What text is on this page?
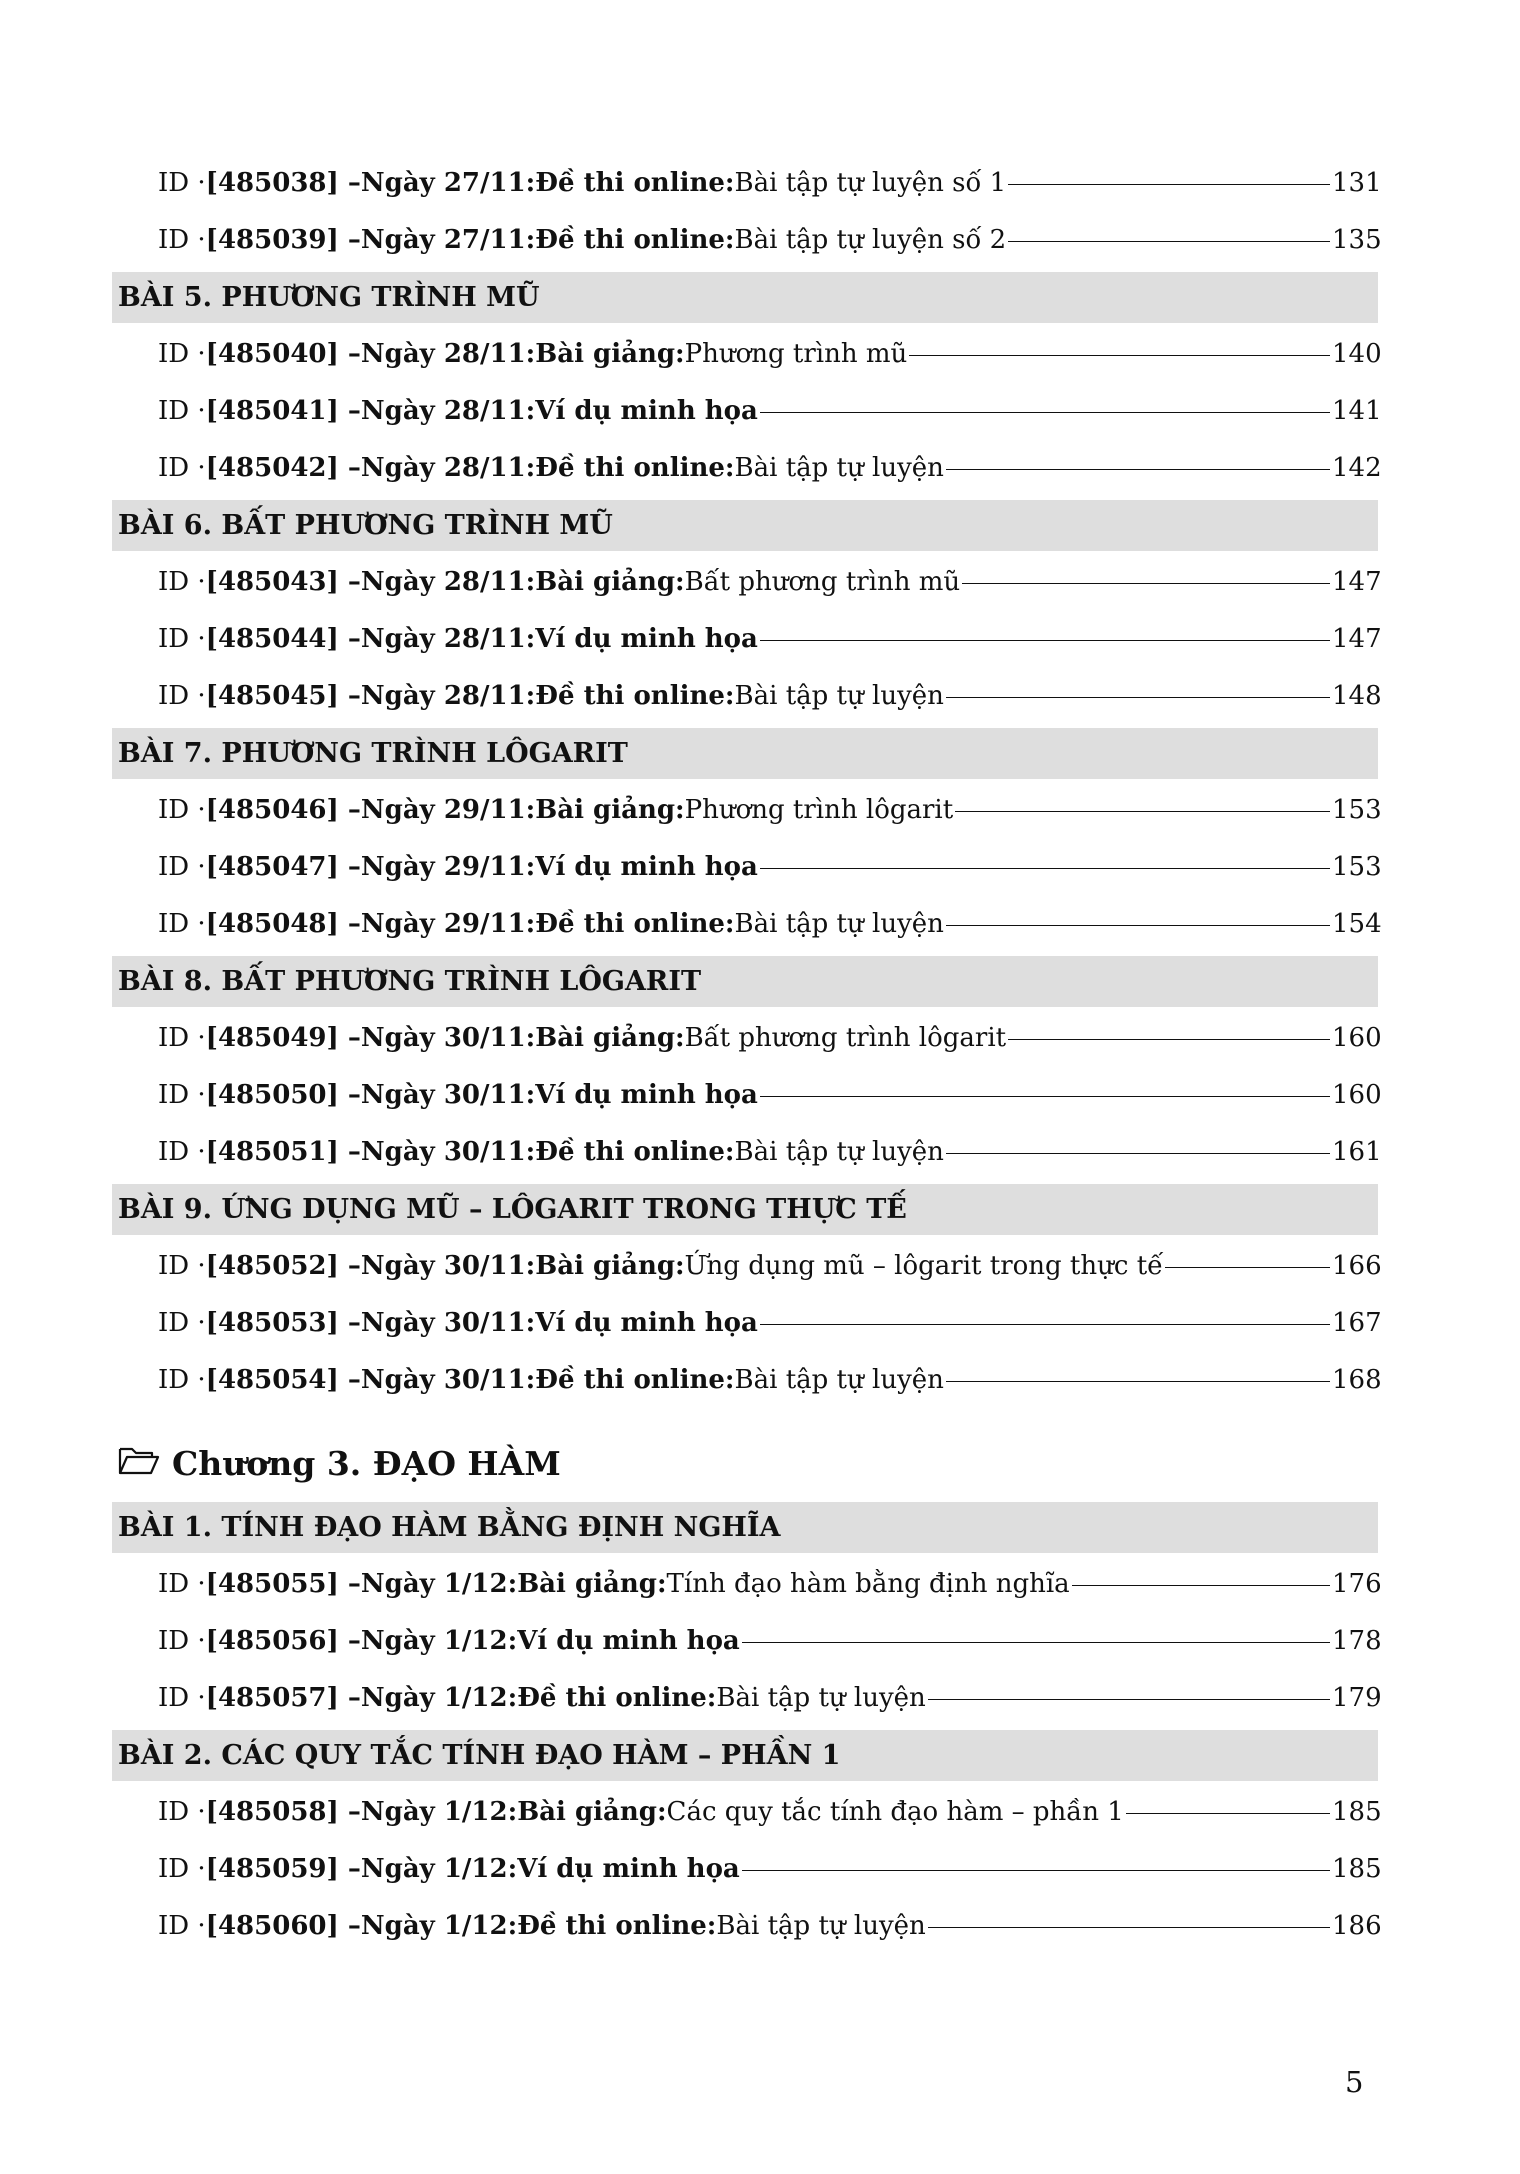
ID · [485038] – Ngày 27/11: Đề thi online: Bài tập tự luyện số 1	131
ID · [485039] – Ngày 27/11: Đề thi online: Bài tập tự luyện số 2	135
BÀI 5. PHƯƠNG TRÌNH MŨ
ID · [485040] – Ngày 28/11: Bài giảng: Phương trình mũ	140
ID · [485041] – Ngày 28/11: Ví dụ minh họa	141
ID · [485042] – Ngày 28/11: Đề thi online: Bài tập tự luyện	142
BÀI 6. BẤT PHƯƠNG TRÌNH MŨ
ID · [485043] – Ngày 28/11: Bài giảng: Bất phương trình mũ	147
ID · [485044] – Ngày 28/11: Ví dụ minh họa	147
ID · [485045] – Ngày 28/11: Đề thi online: Bài tập tự luyện	148
BÀI 7. PHƯƠNG TRÌNH LÔGARIT
ID · [485046] – Ngày 29/11: Bài giảng: Phương trình lôgarit	153
ID · [485047] – Ngày 29/11: Ví dụ minh họa	153
ID · [485048] – Ngày 29/11: Đề thi online: Bài tập tự luyện	154
BÀI 8. BẤT PHƯƠNG TRÌNH LÔGARIT
ID · [485049] – Ngày 30/11: Bài giảng: Bất phương trình lôgarit	160
ID · [485050] – Ngày 30/11: Ví dụ minh họa	160
ID · [485051] – Ngày 30/11: Đề thi online: Bài tập tự luyện	161
BÀI 9. ỨNG DỤNG MŨ – LÔGARIT TRONG THỰC TẾ
ID · [485052] – Ngày 30/11: Bài giảng: Ứng dụng mũ – lôgarit trong thực tế	166
ID · [485053] – Ngày 30/11: Ví dụ minh họa	167
ID · [485054] – Ngày 30/11: Đề thi online: Bài tập tự luyện	168
Chương 3. ĐẠO HÀM
BÀI 1. TÍNH ĐẠO HÀM BẰNG ĐỊNH NGHĨA
ID · [485055] – Ngày 1/12: Bài giảng: Tính đạo hàm bằng định nghĩa	176
ID · [485056] – Ngày 1/12: Ví dụ minh họa	178
ID · [485057] – Ngày 1/12: Đề thi online: Bài tập tự luyện	179
BÀI 2. CÁC QUY TẮC TÍNH ĐẠO HÀM – PHẦN 1
ID · [485058] – Ngày 1/12: Bài giảng: Các quy tắc tính đạo hàm – phần 1	185
ID · [485059] – Ngày 1/12: Ví dụ minh họa	185
ID · [485060] – Ngày 1/12: Đề thi online: Bài tập tự luyện	186
5
